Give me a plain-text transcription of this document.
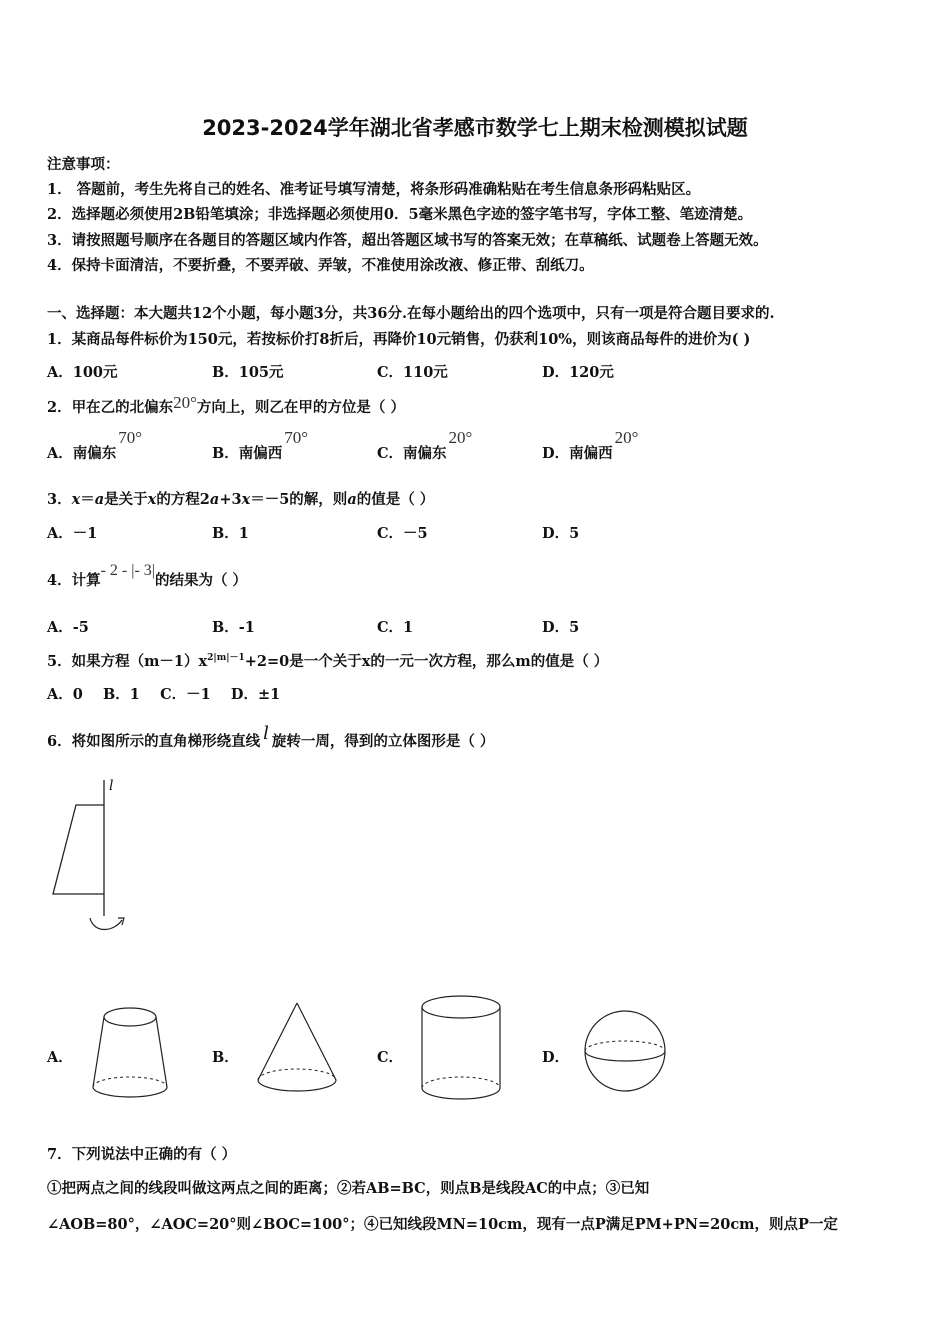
2023-2024学年湖北省孝感市数学七上期末检测模拟试题
注意事项：
1． 答题前，考生先将自己的姓名、准考证号填写清楚，将条形码准确粘贴在考生信息条形码粘贴区。
2．选择题必须使用2B铅笔填涂；非选择题必须使用0．5毫米黑色字迹的签字笔书写，字体工整、笔迹清楚。
3．请按照题号顺序在各题目的答题区域内作答，超出答题区域书写的答案无效；在草稿纸、试题卷上答题无效。
4．保持卡面清洁，不要折叠，不要弄破、弄皱，不准使用涂改液、修正带、刮纸刀。
一、选择题：本大题共12个小题，每小题3分，共36分.在每小题给出的四个选项中，只有一项是符合题目要求的.
1．某商品每件标价为150元，若按标价打8折后，再降价10元销售，仍获利10%，则该商品每件的进价为( )
A．100元	B．105元	C．110元	D．120元
2．甲在乙的北偏东20°方向上，则乙在甲的方位是（ ）
A．南偏东70°
B．南偏西70°
C．南偏东20°
D．南偏西20°
3．x＝a是关于x的方程2a+3x＝－5的解，则a的值是（ ）
A．－1	B．1	C．－5	D．5
4．计算- 2 - |- 3|的结果为（ ）
A．-5	B．-1	C．1	D．5
5．如果方程$(m-1)x^{2|m|-1}+2=0$是一个关于x的一元一次方程，那么m的值是（ ）
A．0    B．1    C．－1    D．±1
6．将如图所示的直角梯形绕直线 l 旋转一周，得到的立体图形是（ ）
l
A．	B．	C．	D．
7．下列说法中正确的有（ ）
①把两点之间的线段叫做这两点之间的距离；②若AB=BC，则点B是线段AC的中点；③已知
∠AOB=80°，∠AOC=20°则∠BOC=100°；④已知线段MN=10cm，现有一点P满足PM+PN=20cm，则点P一定
